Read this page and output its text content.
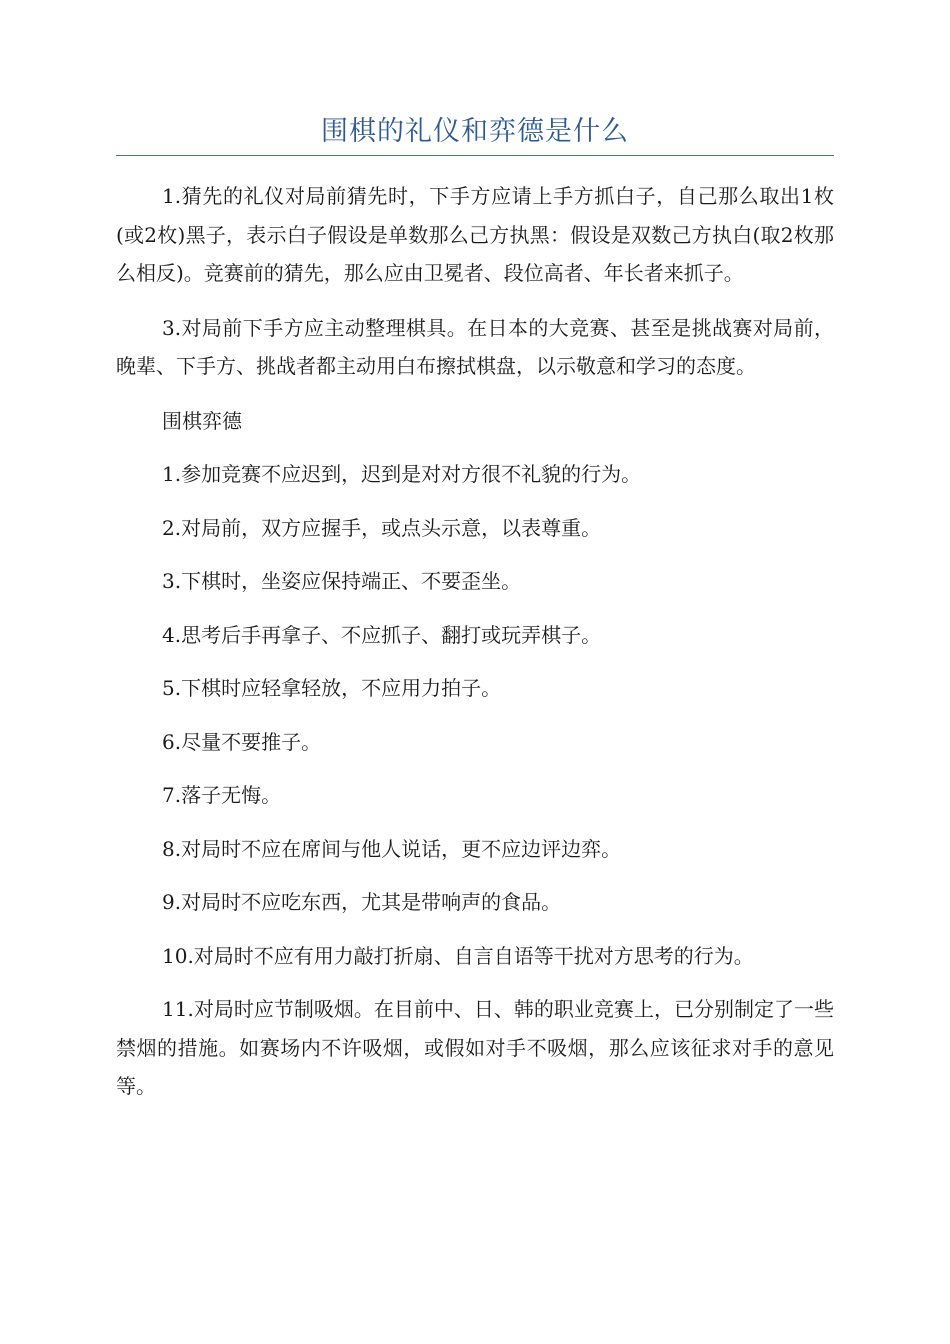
围棋的礼仪和弈德是什么

1.猜先的礼仪对局前猜先时，下手方应请上手方抓白子，自己那么取出1枚(或2枚)黑子，表示白子假设是单数那么己方执黑：假设是双数己方执白(取2枚那么相反)。竞赛前的猜先，那么应由卫冕者、段位高者、年长者来抓子。

3.对局前下手方应主动整理棋具。在日本的大竞赛、甚至是挑战赛对局前，晚辈、下手方、挑战者都主动用白布擦拭棋盘，以示敬意和学习的态度。

围棋弈德

1.参加竞赛不应迟到，迟到是对对方很不礼貌的行为。

2.对局前，双方应握手，或点头示意，以表尊重。

3.下棋时，坐姿应保持端正、不要歪坐。

4.思考后手再拿子、不应抓子、翻打或玩弄棋子。

5.下棋时应轻拿轻放，不应用力拍子。

6.尽量不要推子。

7.落子无悔。

8.对局时不应在席间与他人说话，更不应边评边弈。

9.对局时不应吃东西，尤其是带响声的食品。

10.对局时不应有用力敲打折扇、自言自语等干扰对方思考的行为。

11.对局时应节制吸烟。在目前中、日、韩的职业竞赛上，已分别制定了一些禁烟的措施。如赛场内不许吸烟，或假如对手不吸烟，那么应该征求对手的意见等。
